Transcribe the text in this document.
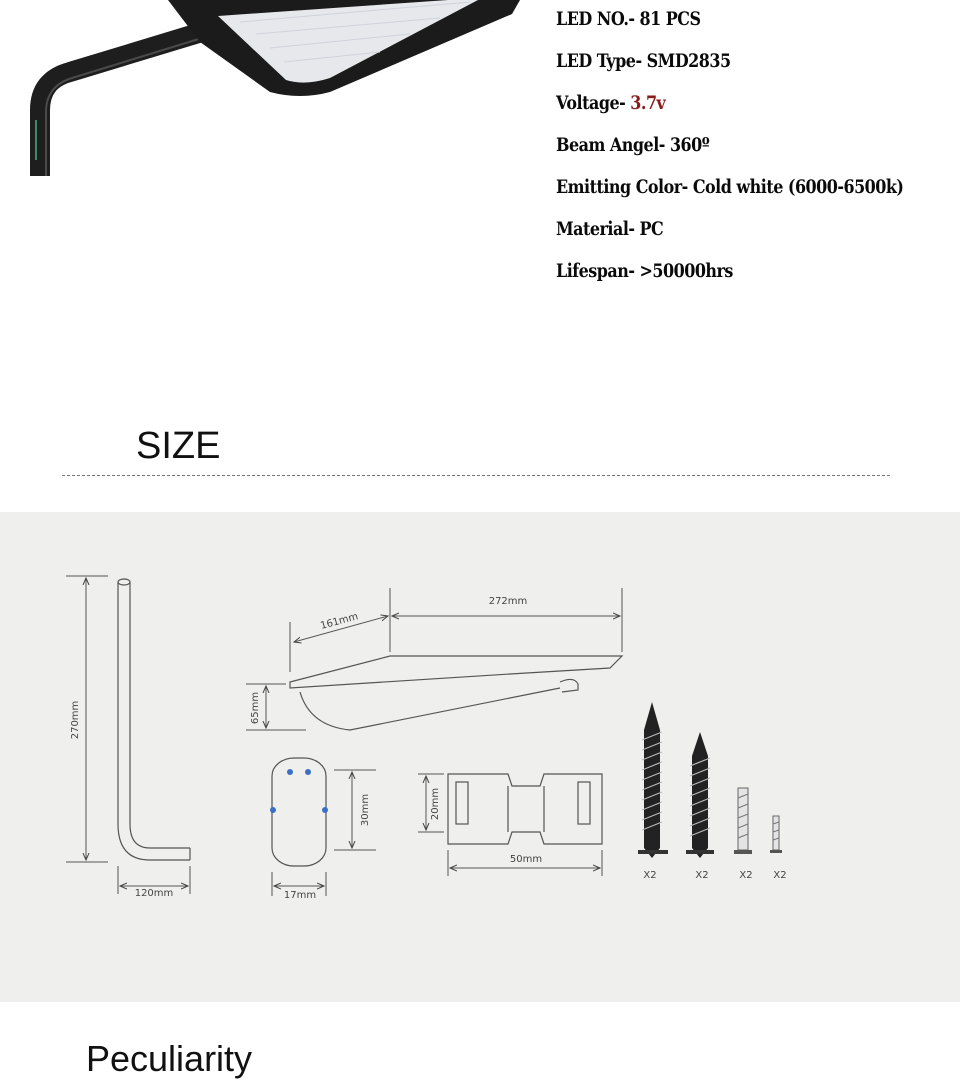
LED NO.- 81 PCS
LED Type- SMD2835
Voltage- 3.7v
Beam Angel- 360º
Emitting Color- Cold white (6000-6500k)
Material- PC
Lifespan- >50000hrs
SIZE
270mm
120mm
161mm
272mm
65mm
30mm
17mm
20mm
50mm
X2	X2	X2 X2
Peculiarity
